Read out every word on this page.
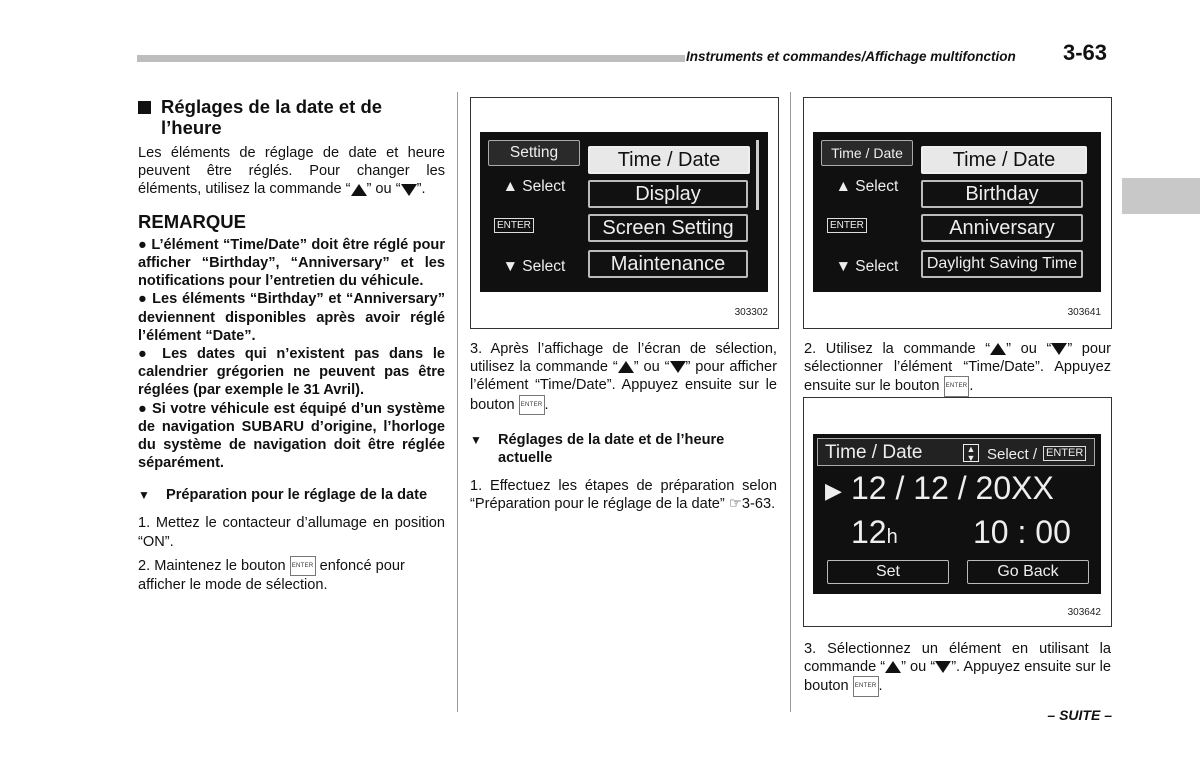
Instruments et commandes/Affichage multifonction 3-63
Réglages de la date et de l’heure

Les éléments de réglage de date et heure peuvent être réglés. Pour changer les éléments, utilisez la commande “ ” ou “ ”.

REMARQUE

● L’élément “Time/Date” doit être réglé pour afficher “Birthday”, “Anniversary” et les notifications pour l’entretien du véhicule.

● Les éléments “Birthday” et “Anniversary” deviennent disponibles après avoir réglé l’élément “Date”.

● Les dates qui n’existent pas dans le calendrier grégorien ne peuvent pas être réglées (par exemple le 31 Avril).

● Si votre véhicule est équipé d’un système de navigation SUBARU d’origine, l’horloge du système de navigation doit être réglée séparément.

▼ Préparation pour le réglage de la date

1. Mettez le contacteur d’allumage en position “ON”.

2. Maintenez le bouton ENTER enfoncé pour afficher le mode de sélection.

Setting
▲ Select
ENTER
▼ Select
Time / Date
Display
Screen Setting
Maintenance
303302

3. Après l’affichage de l’écran de sélection, utilisez la commande “ ” ou “ ” pour afficher l’élément “Time/Date”. Appuyez ensuite sur le bouton ENTER .

▼ Réglages de la date et de l’heure actuelle

1. Effectuez les étapes de préparation selon “Préparation pour le réglage de la date” ☞3-63.

Time / Date
▲ Select
ENTER
▼ Select
Time / Date
Birthday
Anniversary
Daylight Saving Time
303641

2. Utilisez la commande “ ” ou “ ” pour sélectionner l’élément “Time/Date”. Appuyez ensuite sur le bouton ENTER .

Time / Date	▲
▼ Select / ENTER
▶ 12 / 12 / 20XX
12h 10 : 00
Set	Go Back
303642

3. Sélectionnez un élément en utilisant la commande “ ” ou “ ”. Appuyez ensuite sur le bouton ENTER .

– SUITE –
